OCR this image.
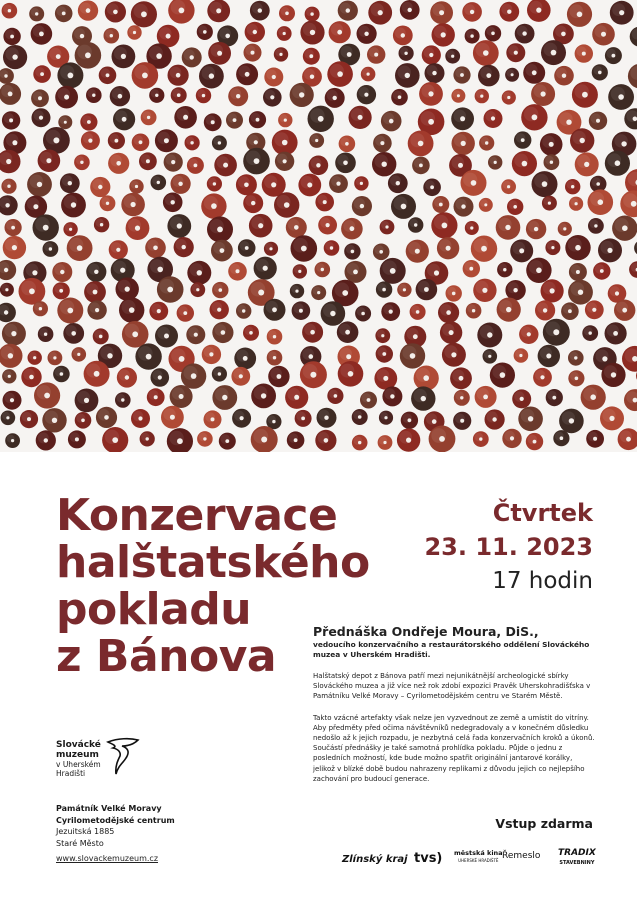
Konzervace
halštatského
pokladu
z Bánova
Čtvrtek
23. 11. 2023
17 hodin
Přednáška Ondřeje Moura, DiS.,
vedoucího konzervačního a restaurátorského oddělení Slováckého muzea v Uherském Hradišti.

Halštatský depot z Bánova patří mezi nejunikátnější archeologické sbírky Slováckého muzea a již více než rok zdobí expozici Pravěk Uherskohradišťska v Památníku Velké Moravy – Cyrilometodějském centru ve Starém Městě.

Takto vzácné artefakty však nelze jen vyzvednout ze země a umístit do vitríny. Aby předměty před očima návštěvníků nedegradovaly a v konečném důsledku nedošlo až k jejich rozpadu, je nezbytná celá řada konzervačních kroků a úkonů. Součástí přednášky je také samotná prohlídka pokladu. Půjde o jednu z posledních možností, kde bude možno spatřit originální jantarové korálky, jelikož v blízké době budou nahrazeny replikami z důvodu jejich co nejlepšího zachování pro budoucí generace.

Slovácké
muzeum
v Uherském
Hradišti
Památník Velké Moravy
Cyrilometodějské centrum
Jezuitská 1885
Staré Město
www.slovackemuzeum.cz
Vstup zdarma
Zlínský kraj tvs) městská kina
UHERSKÉ HRADIŠTĚ Řemeslo TRADIX
STAVEBNINY
